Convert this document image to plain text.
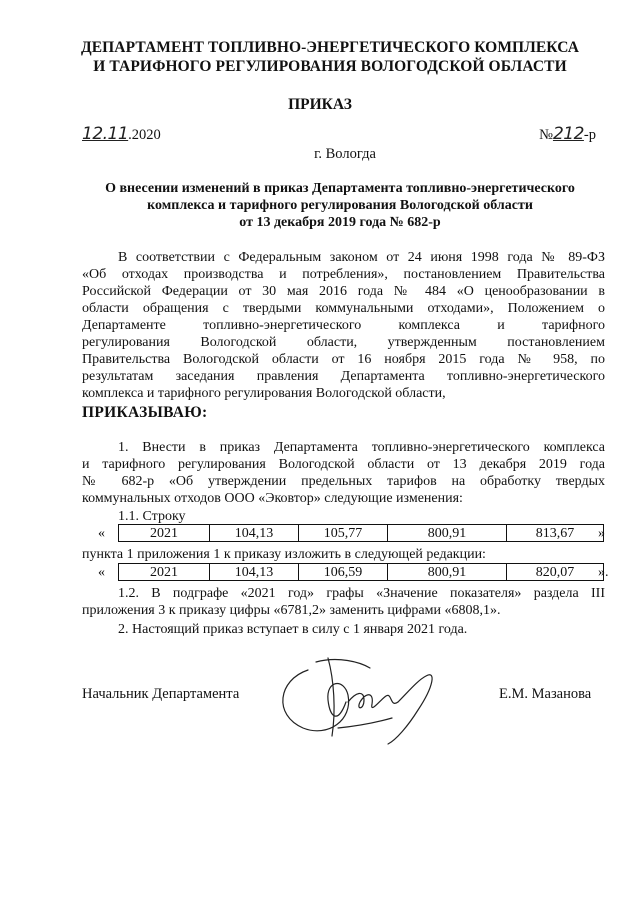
ДЕПАРТАМЕНТ ТОПЛИВНО-ЭНЕРГЕТИЧЕСКОГО КОМПЛЕКСА
И ТАРИФНОГО РЕГУЛИРОВАНИЯ ВОЛОГОДСКОЙ ОБЛАСТИ
ПРИКАЗ
12.11.2020	№212-р
г. Вологда
О внесении изменений в приказ Департамента топливно-энергетического
комплекса и тарифного регулирования Вологодской области
от 13 декабря 2019 года № 682-р
В соответствии с Федеральным законом от 24 июня 1998 года № 89-ФЗ
«Об отходах производства и потребления», постановлением Правительства
Российской Федерации от 30 мая 2016 года № 484 «О ценообразовании в
области обращения с твердыми коммунальными отходами», Положением о
Департаменте топливно-энергетического комплекса и тарифного
регулирования Вологодской области, утвержденным постановлением
Правительства Вологодской области от 16 ноября 2015 года № 958, по
результатам заседания правления Департамента топливно-энергетического
комплекса и тарифного регулирования Вологодской области,
ПРИКАЗЫВАЮ:
1. Внести в приказ Департамента топливно-энергетического комплекса
и тарифного регулирования Вологодской области от 13 декабря 2019 года
№ 682-р «Об утверждении предельных тарифов на обработку твердых
коммунальных отходов ООО «Эковтор» следующие изменения:
1.1. Строку
«	2021	104,13	105,77	800,91	813,67 »
пункта 1 приложения 1 к приказу изложить в следующей редакции:
«	2021	104,13	106,59	800,91	820,07 ».
1.2. В подграфе «2021 год» графы «Значение показателя» раздела III
приложения 3 к приказу цифры «6781,2» заменить цифрами «6808,1».
2. Настоящий приказ вступает в силу с 1 января 2021 года.
Начальник Департамента	Е.М. Мазанова
